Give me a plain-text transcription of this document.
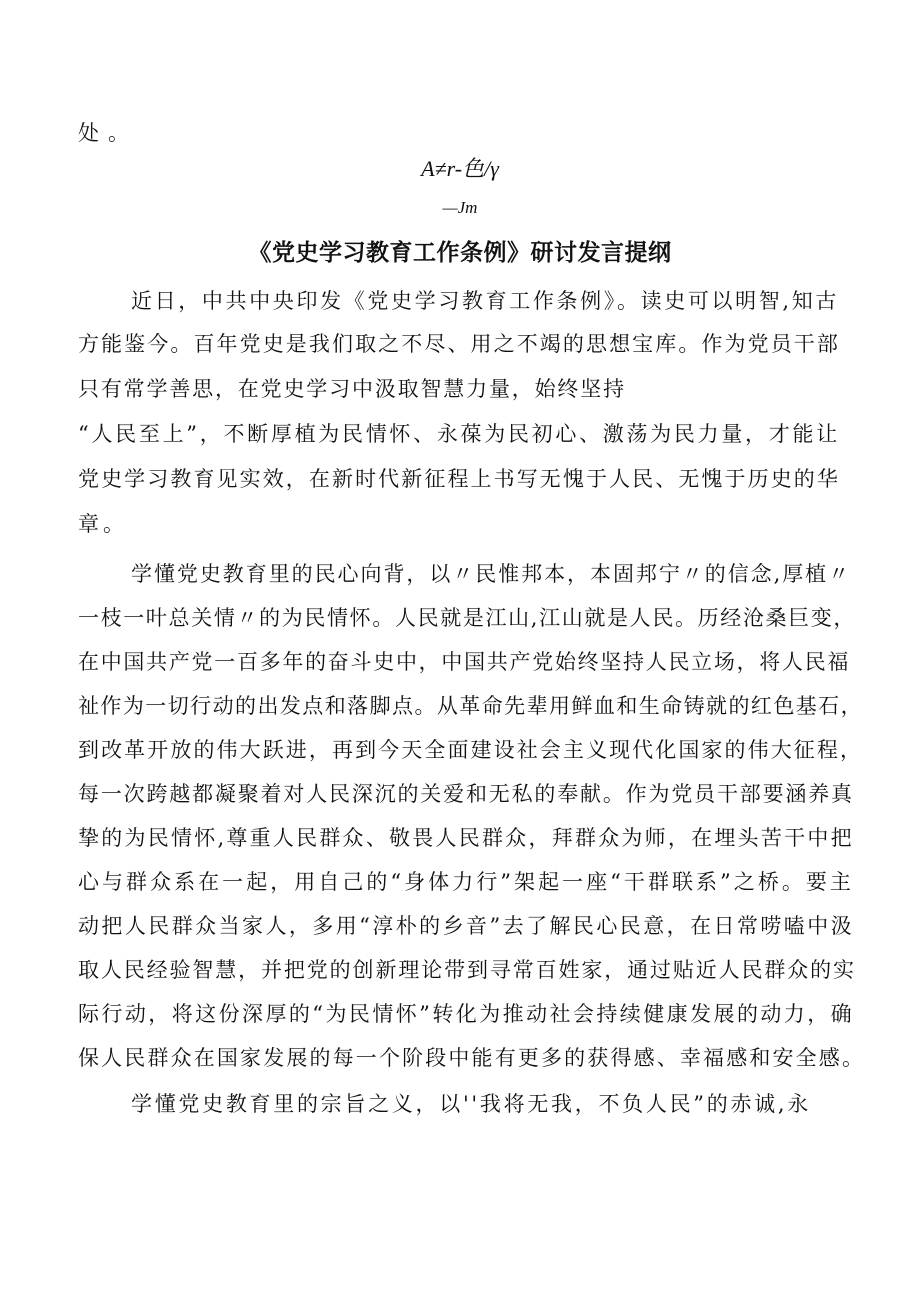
处。
A≠r-色/γ
—Jm
《党史学习教育工作条例》研讨发言提纲
近日，中共中央印发《党史学习教育工作条例》。读史可以明智,知古
方能鉴今。百年党史是我们取之不尽、用之不竭的思想宝库。作为党员干部
只有常学善思，在党史学习中汲取智慧力量，始终坚持
“人民至上”，不断厚植为民情怀、永葆为民初心、激荡为民力量，才能让
党史学习教育见实效，在新时代新征程上书写无愧于人民、无愧于历史的华
章。
学懂党史教育里的民心向背，以〃民惟邦本，本固邦宁〃的信念,厚植〃
一枝一叶总关情〃的为民情怀。人民就是江山,江山就是人民。历经沧桑巨变，
在中国共产党一百多年的奋斗史中，中国共产党始终坚持人民立场，将人民福
祉作为一切行动的出发点和落脚点。从革命先辈用鲜血和生命铸就的红色基石，
到改革开放的伟大跃进，再到今天全面建设社会主义现代化国家的伟大征程，
每一次跨越都凝聚着对人民深沉的关爱和无私的奉献。作为党员干部要涵养真
挚的为民情怀,尊重人民群众、敬畏人民群众，拜群众为师，在埋头苦干中把
心与群众系在一起，用自己的“身体力行”架起一座“干群联系”之桥。要主
动把人民群众当家人，多用“淳朴的乡音”去了解民心民意，在日常唠嗑中汲
取人民经验智慧，并把党的创新理论带到寻常百姓家，通过贴近人民群众的实
际行动，将这份深厚的“为民情怀”转化为推动社会持续健康发展的动力，确
保人民群众在国家发展的每一个阶段中能有更多的获得感、幸福感和安全感。
学懂党史教育里的宗旨之义，以''我将无我，不负人民”的赤诚,永
